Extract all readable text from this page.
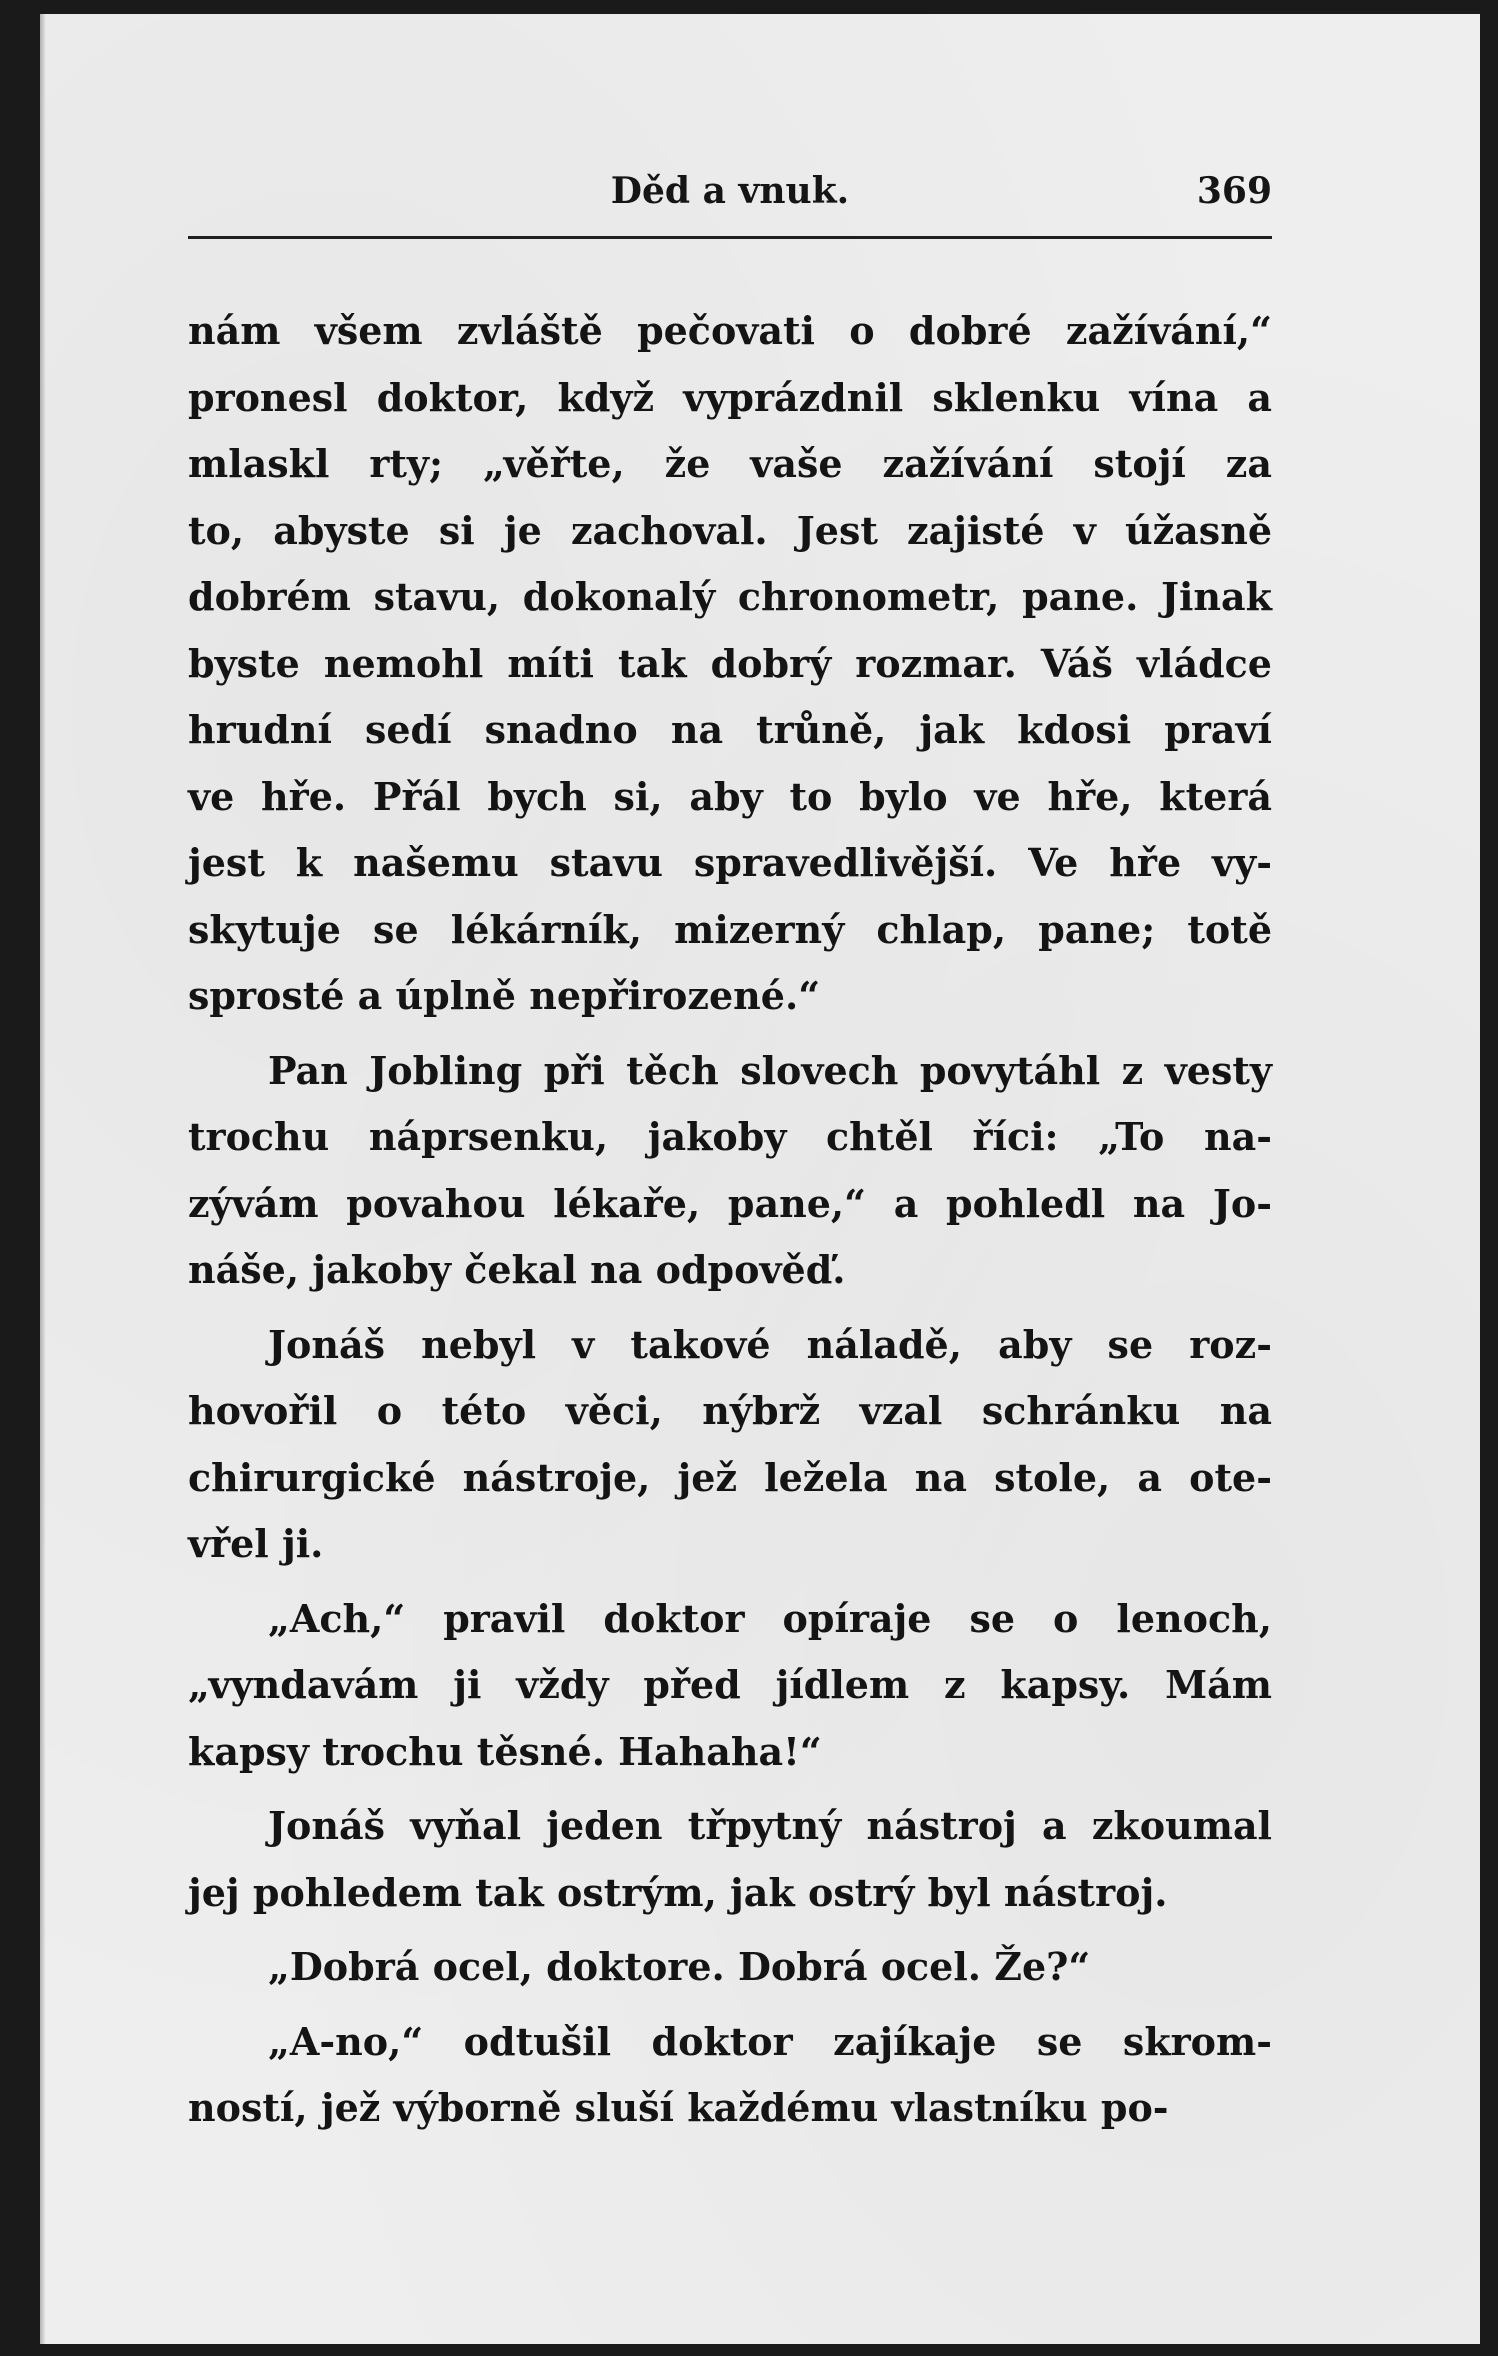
Děd a vnuk.	369
nám všem zvláště pečovati o dobré zažívání,“
pronesl doktor, když vyprázdnil sklenku vína a
mlaskl rty; „věřte, že vaše zažívání stojí za
to, abyste si je zachoval. Jest zajisté v úžasně
dobrém stavu, dokonalý chronometr, pane. Jinak
byste nemohl míti tak dobrý rozmar. Váš vládce
hrudní sedí snadno na trůně, jak kdosi praví
ve hře. Přál bych si, aby to bylo ve hře, která
jest k našemu stavu spravedlivější. Ve hře vy-
skytuje se lékárník, mizerný chlap, pane; totě
sprosté a úplně nepřirozené.“
Pan Jobling při těch slovech povytáhl z vesty
trochu náprsenku, jakoby chtěl říci: „To na-
zývám povahou lékaře, pane,“ a pohledl na Jo-
náše, jakoby čekal na odpověď.
Jonáš nebyl v takové náladě, aby se roz-
hovořil o této věci, nýbrž vzal schránku na
chirurgické nástroje, jež ležela na stole, a ote-
vřel ji.
„Ach,“ pravil doktor opíraje se o lenoch,
„vyndavám ji vždy před jídlem z kapsy. Mám
kapsy trochu těsné. Hahaha!“
Jonáš vyňal jeden třpytný nástroj a zkoumal
jej pohledem tak ostrým, jak ostrý byl nástroj.
„Dobrá ocel, doktore. Dobrá ocel. Že?“
„A-no,“ odtušil doktor zajíkaje se skrom-
ností, jež výborně sluší každému vlastníku po-
